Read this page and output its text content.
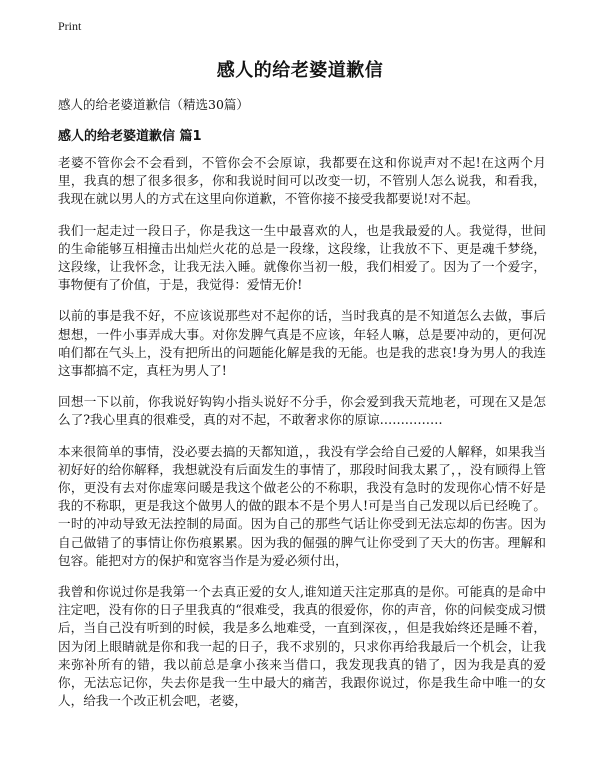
Print
感人的给老婆道歉信

感人的给老婆道歉信（精选30篇）

感人的给老婆道歉信 篇1

老婆不管你会不会看到，不管你会不会原谅，我都要在这和你说声对不起!在这两个月里，我真的想了很多很多，你和我说时间可以改变一切，不管别人怎么说我，和看我，我现在就以男人的方式在这里向你道歉，不管你接不接受我都要说!对不起。

我们一起走过一段日子，你是我这一生中最喜欢的人，也是我最爱的人。我觉得，世间的生命能够互相撞击出灿烂火花的总是一段缘，这段缘，让我放不下、更是魂千梦绕，这段缘，让我怀念，让我无法入睡。就像你当初一般，我们相爱了。因为了一个爱字，事物便有了价值，于是，我觉得：爱情无价!

以前的事是我不好，不应该说那些对不起你的话，当时我真的是不知道怎么去做，事后想想，一件小事弄成大事。对你发脾气真是不应该，年轻人嘛，总是要冲动的，更何况咱们都在气头上，没有把所出的问题能化解是我的无能。也是我的悲哀!身为男人的我连这事都搞不定，真枉为男人了!

回想一下以前，你我说好钩钩小指头说好不分手，你会爱到我天荒地老，可现在又是怎么了?我心里真的很难受，真的对不起，不敢奢求你的原谅……………

本来很简单的事情，没必要去搞的天都知道，，我没有学会给自己爱的人解释，如果我当初好好的给你解释，我想就没有后面发生的事情了，那段时间我太累了，，没有顾得上管你，更没有去对你虚寒问暖是我这个做老公的不称职，我没有急时的发现你心情不好是我的不称职，更是我这个做男人的做的跟本不是个男人!可是当自己发现以后已经晚了。一时的冲动导致无法控制的局面。因为自己的那些气话让你受到无法忘却的伤害。因为自己做错了的事情让你伤痕累累。因为我的倔强的脾气让你受到了天大的伤害。理解和包容。能把对方的保护和宽容当作是为爱必须付出，

我曾和你说过你是我第一个去真正爱的女人,谁知道天注定那真的是你。可能真的是命中注定吧，没有你的日子里我真的“很难受，我真的很爱你，你的声音，你的问候变成习惯后，当自己没有听到的时候，我是多么地难受，一直到深夜，，但是我始终还是睡不着，因为闭上眼睛就是你和我一起的日子，我不求别的，只求你再给我最后一个机会，让我来弥补所有的错，我以前总是拿小孩来当借口，我发现我真的错了，因为我是真的爱你，无法忘记你，失去你是我一生中最大的痛苦，我跟你说过，你是我生命中唯一的女人，给我一个改正机会吧，老婆，
